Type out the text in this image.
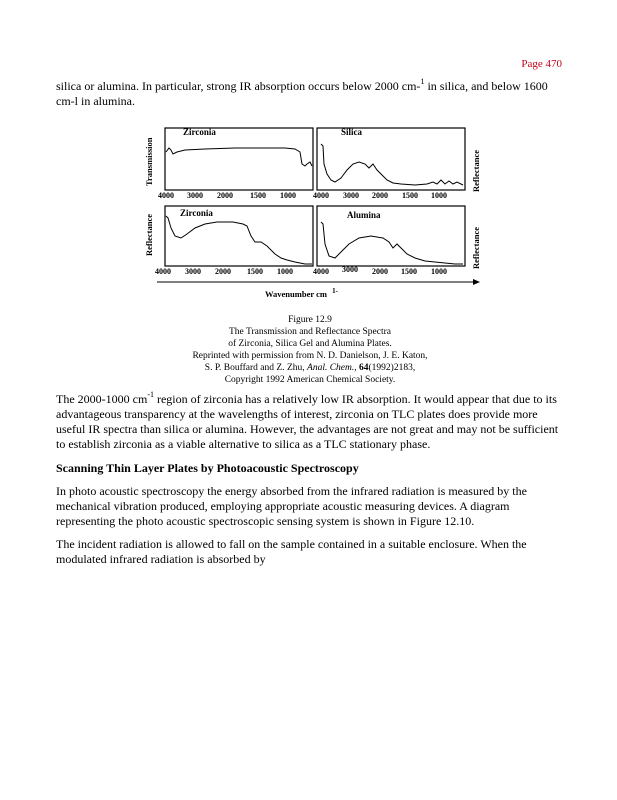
Page 470

silica or alumina. In particular, strong IR absorption occurs below 2000 cm-$^1$ in silica, and below 1600 cm-l in alumina.

Zirconia
4000 3000 2000 1500 1000
Transmission
Silica
4000 3000 2000 1500 1000
Reflectance
Zirconia
4000 3000 2000 1500 1000
Reflectance	Alumina
4000 3000 2000 1500 1000
Reflectance
Wavenumber cm $^{1-}$
Figure 12.9
The Transmission and Reflectance Spectra
of Zirconia, Silica Gel and Alumina Plates.
Reprinted with permission from N. D. Danielson, J. E. Katon,
S. P. Bouffard and Z. Zhu, Anal. Chem., 64(1992)2183,
Copyright 1992 American Chemical Society.

The 2000-1000 $cm^{-1}$ region of zirconia has a relatively low IR absorption. It would appear that due to its advantageous transparency at the wavelengths of interest, zirconia on TLC plates does provide more useful IR spectra than silica or alumina. However, the advantages are not great and may not be sufficient to establish zirconia as a viable alternative to silica as a TLC stationary phase.

Scanning Thin Layer Plates by Photoacoustic Spectroscopy

In photo acoustic spectroscopy the energy absorbed from the infrared radiation is measured by the mechanical vibration produced, employing appropriate acoustic measuring devices. A diagram representing the photo acoustic spectroscopic sensing system is shown in Figure 12.10.

The incident radiation is allowed to fall on the sample contained in a suitable enclosure. When the modulated infrared radiation is absorbed by
